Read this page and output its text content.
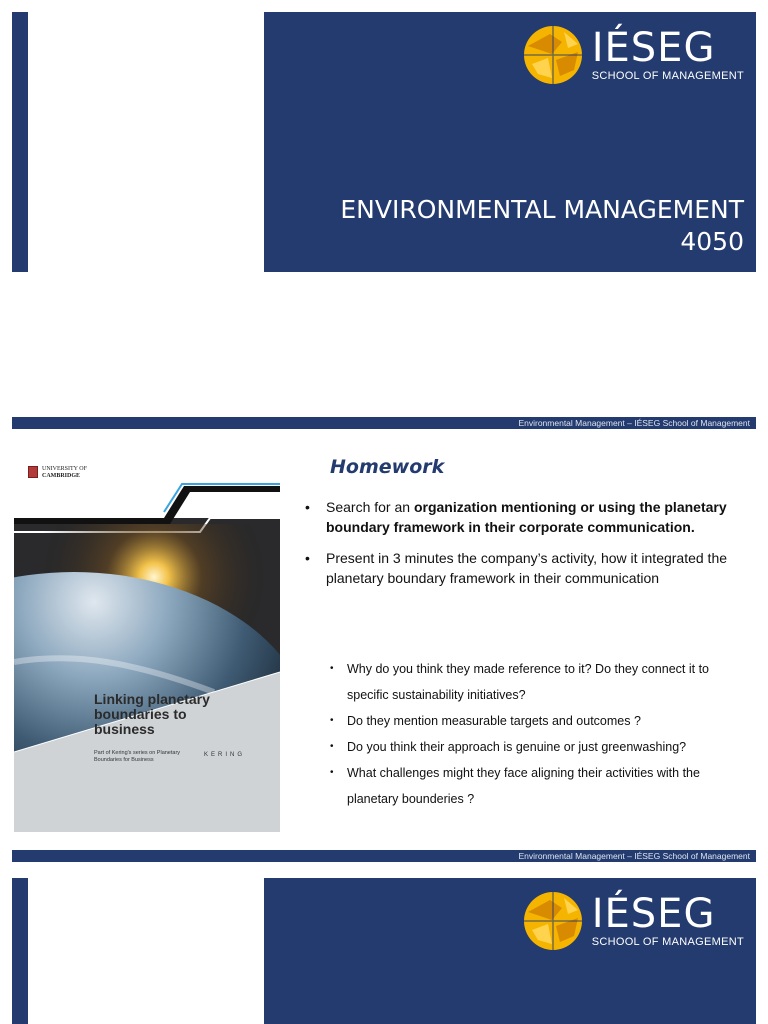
IÉSEG
SCHOOL OF MANAGEMENT
ENVIRONMENTAL MANAGEMENT
4050
Environmental Management – IÉSEG School of Management
UNIVERSITY OF
CAMBRIDGE
Linking planetary
boundaries to
business
Part of Kering's series on Planetary
Boundaries for Business
KERING
Homework
• Search for an organization mentioning or using the planetary boundary framework in their corporate communication.
• Present in 3 minutes the company’s activity, how it integrated the planetary boundary framework in their communication
• Why do you think they made reference to it? Do they connect it to specific sustainability initiatives?
• Do they mention measurable targets and outcomes ?
• Do you think their approach is genuine or just greenwashing?
• What challenges might they face aligning their activities with the planetary bounderies ?
Environmental Management – IÉSEG School of Management
IÉSEG
SCHOOL OF MANAGEMENT
